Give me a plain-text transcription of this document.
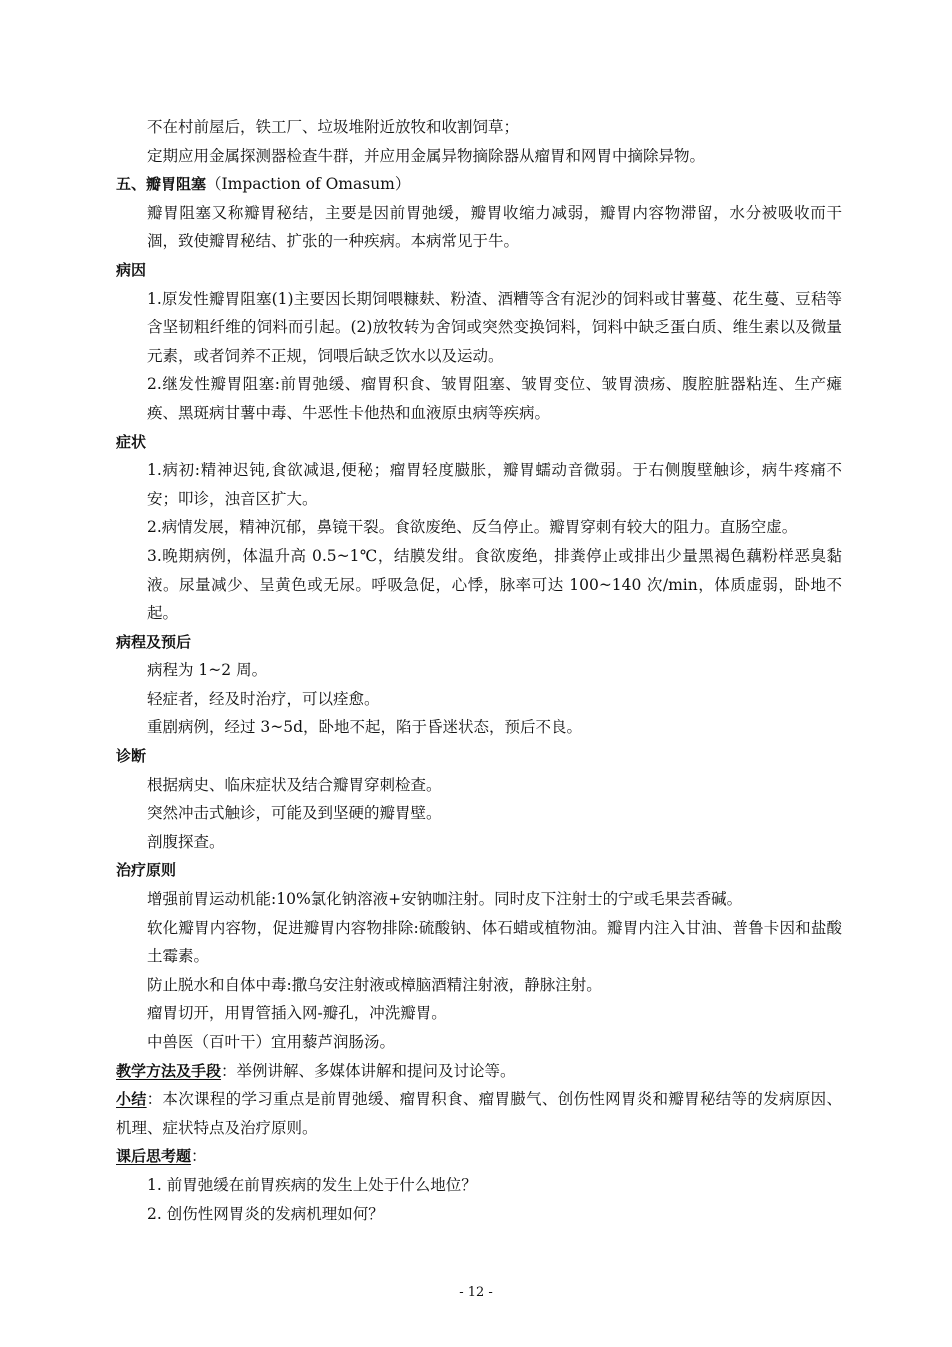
不在村前屋后，铁工厂、垃圾堆附近放牧和收割饲草；
定期应用金属探测器检查牛群，并应用金属异物摘除器从瘤胃和网胃中摘除异物。
五、瓣胃阻塞（Impaction of Omasum）
瓣胃阻塞又称瓣胃秘结，主要是因前胃弛缓，瓣胃收缩力减弱，瓣胃内容物滞留，水分被吸收而干涸，致使瓣胃秘结、扩张的一种疾病。本病常见于牛。
病因
1.原发性瓣胃阻塞(1)主要因长期饲喂糠麸、粉渣、酒糟等含有泥沙的饲料或甘薯蔓、花生蔓、豆秸等含坚韧粗纤维的饲料而引起。(2)放牧转为舍饲或突然变换饲料，饲料中缺乏蛋白质、维生素以及微量元素，或者饲养不正规，饲喂后缺乏饮水以及运动。
2.继发性瓣胃阻塞:前胃弛缓、瘤胃积食、皱胃阻塞、皱胃变位、皱胃溃疡、腹腔脏器粘连、生产瘫痪、黑斑病甘薯中毒、牛恶性卡他热和血液原虫病等疾病。
症状
1.病初:精神迟钝,食欲减退,便秘；瘤胃轻度臌胀，瓣胃蠕动音微弱。于右侧腹壁触诊，病牛疼痛不安；叩诊，浊音区扩大。
2.病情发展，精神沉郁，鼻镜干裂。食欲废绝、反刍停止。瓣胃穿刺有较大的阻力。直肠空虚。
3.晚期病例，体温升高 0.5~1℃，结膜发绀。食欲废绝，排粪停止或排出少量黑褐色藕粉样恶臭黏液。尿量减少、呈黄色或无尿。呼吸急促，心悸，脉率可达 100~140 次/min，体质虚弱，卧地不起。
病程及预后
病程为 1~2 周。
轻症者，经及时治疗，可以痊愈。
重剧病例，经过 3~5d，卧地不起，陷于昏迷状态，预后不良。
诊断
根据病史、临床症状及结合瓣胃穿刺检查。
突然冲击式触诊，可能及到坚硬的瓣胃壁。
剖腹探查。
治疗原则
增强前胃运动机能:10%氯化钠溶液+安钠咖注射。同时皮下注射士的宁或毛果芸香碱。
软化瓣胃内容物，促进瓣胃内容物排除:硫酸钠、体石蜡或植物油。瓣胃内注入甘油、普鲁卡因和盐酸土霉素。
防止脱水和自体中毒:撒乌安注射液或樟脑酒精注射液，静脉注射。
瘤胃切开，用胃管插入网-瓣孔，冲洗瓣胃。
中兽医（百叶干）宜用藜芦润肠汤。
教学方法及手段：举例讲解、多媒体讲解和提问及讨论等。
小结：本次课程的学习重点是前胃弛缓、瘤胃积食、瘤胃臌气、创伤性网胃炎和瓣胃秘结等的发病原因、机理、症状特点及治疗原则。
课后思考题：
1. 前胃弛缓在前胃疾病的发生上处于什么地位？
2. 创伤性网胃炎的发病机理如何？
- 12 -
